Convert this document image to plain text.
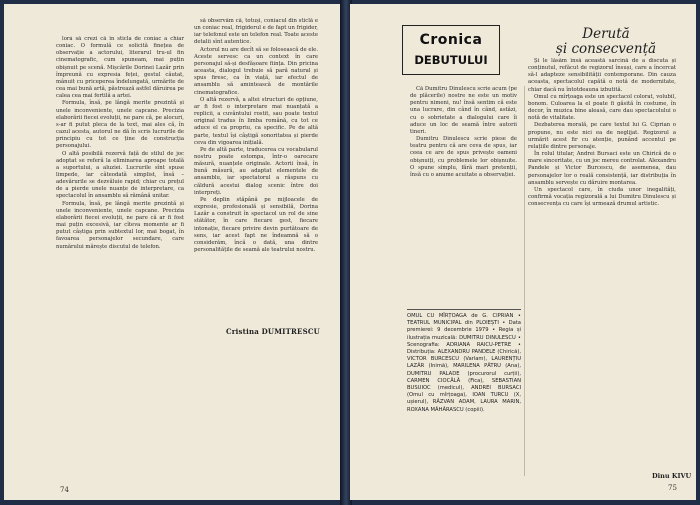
lorá să crezi că în sticla de coniac a chiar coniac. O formulă ce solicită finețea de observație a actorului, literarul tru-ul fin cinematografic, cum spuneam, mai puțin obișnuit pe scenă. Mișcările Dorinei Lazăr prin împreună cu expresia feței, gestul căutat, mânuit cu priceperea îndelungată, urmărite de cea mai bună artă, păstrează astfel dăruirea pe calea cea mai fertilă a artei.

Formula, însă, pe lângă merite prezintă și unele inconveniente, unele capcane. Precizia elaborării fiecei evoluții, ne pare că, pe alocuri, s-ar fi putut pleca de la text, mai ales că, în cazul acesta, autorul ne dă în scris lucrurile de principiu cu tot ce ține de construcția personajului.

O altă posibilă rezervă față de stilul de joc adoptat se referă la eliminarea aproape totală a suportului, a aluziei. Lucrurile sînt spuse limpede, iar câteodată simplist, însă – adevărurile se dezvăluie rapid; chiar cu prețul de a pierde unele nuanțe de interpretare, ca spectacolul în ansamblu să rămână unitar.

Formula, însă, pe lângă merite prezintă și unele inconveniente, unele capcane. Precizia elaborării fiecei evoluții, ne pare că ar fi fost mai puțin excesivă, iar cîteva momente ar fi putut câștiga prin subtextul lor, mai bogat, în favoarea personajelor secundare, care numărului mărește discutul de telefon.

să observăm că, totuși, coniacul din sticlă e un coniac real, frigiderul e de fapt un frigider, iar telefonul este un telefon real. Toate aceste detalii sînt autentice.

Actorul nu are decît să se folosească de ele. Aceste servesc ca un context în care personajul să-și desfășoare ființa. Din pricina aceasta, dialogul trebuie să pară natural și spus firesc, ca în viață, iar efectul de ansamblu să amintească de montările cinematografice.

O altă rezervă, a altei structuri de opțiune, ar fi fost o interpretare mai nuanțată a replicii, a cuvântului rostit, sau poate textul original tradus în limba română, cu tot ce aduce el ca propriu, ca specific. Pe de altă parte, textul își câștigă sonoritatea și pierde ceva din vigoarea inițială.

Pe de altă parte, traducerea cu vocabularul nostru poate estompa, într-o oarecare măsură, nuanțele originale. Actorii însă, în bună măsură, au adaptat elementele de ansamblu, iar spectatorul a răspuns cu căldură acestui dialog scenic între doi interpreți.

Pe deplin stăpână pe mijloacele de expresie, profesională și sensibilă, Dorina Lazăr a construit în spectacol un rol de sine stătător, în care fiecare gest, fiecare intonație, fiecare privire devin purtătoare de sens, iar acest fapt ne îndeamnă să o considerăm, încă o dată, una dintre personalitățile de seamă ale teatrului nostru.

Cristina DUMITRESCU
74
Cronica
DEBUTULUI
Derută
și consecvență

Că Dumitru Dinulescu scrie acum (pe de plăcerile) nostre ne este un motiv pentru nimeni, nu! însă sentim că este una lucrare, din când în când, astăzi, cu o sobrietate a dialogului care îi aduce un loc de seamă între autorii tineri.

Dumitru Dinulescu scrie piese de teatru pentru că are ceva de spus, iar ceea ce are de spus privește oameni obișnuiți, cu problemele lor obișnuite. O spune simplu, fără mari pretenții, însă cu o anume acuitate a observației.

OMUL CU MÎRȚOAGA de G. CIPRIAN • TEATRUL MUNICIPAL din PLOIEȘTI • Data premierei: 9 decembrie 1979 • Regia și ilustrația muzicală: DUMITRU DINULESCU • Scenografia: ADRIANA RAICU-PETRE • Distribuția: ALEXANDRU PANDELE (Chirică), VICTOR BURCESCU (Varlam), LAURENȚIU LAZĂR (Inimă), MARILENA PĂTRU (Ana), DUMITRU PALADE (procurorul curții), CARMEN CIOCÂLĂ (Fica), SEBASTIAN BUSUIOC (medicul), ANDREI BURSACI (Omul cu mîrțoaga), IOAN TURCU (X, ușierul), RĂZVAN ADAM, LAURA MARIN, ROXANA MĂHĂRASCU (copiii).

Și le lăsăm însă această sarcină de a discuta și conținutul, refăcut de regizorul însuși, care a încercat să-l adapteze sensibilității contemporane. Din cauza aceasta, spectacolul capătă o notă de modernitate, chiar dacă nu întotdeauna izbutită.

Omul cu mîrțoaga este un spectacol colorat, volubil, bonom. Culoarea la el poate fi găsită în costume, în decor, în muzica bine aleasă, care dau spectacolului o notă de vitalitate.

Dezbaterea morală, pe care textul lui G. Ciprian o propune, nu este nici ea de neglijat. Regizorul a urmărit acest fir cu atenție, punând accentul pe relațiile dintre personaje.

În rolul titular, Andrei Bursaci este un Chirică de o mare sinceritate, cu un joc mereu controlat. Alexandru Pandele și Victor Burcescu, de asemenea, dau personajelor lor o reală consistență, iar distribuția în ansamblu servește cu dăruire montarea.

Un spectacol care, în ciuda unor inegalități, confirmă vocația regizorală a lui Dumitru Dinulescu și consecvența cu care își urmează drumul artistic.

Dinu KIVU
75
